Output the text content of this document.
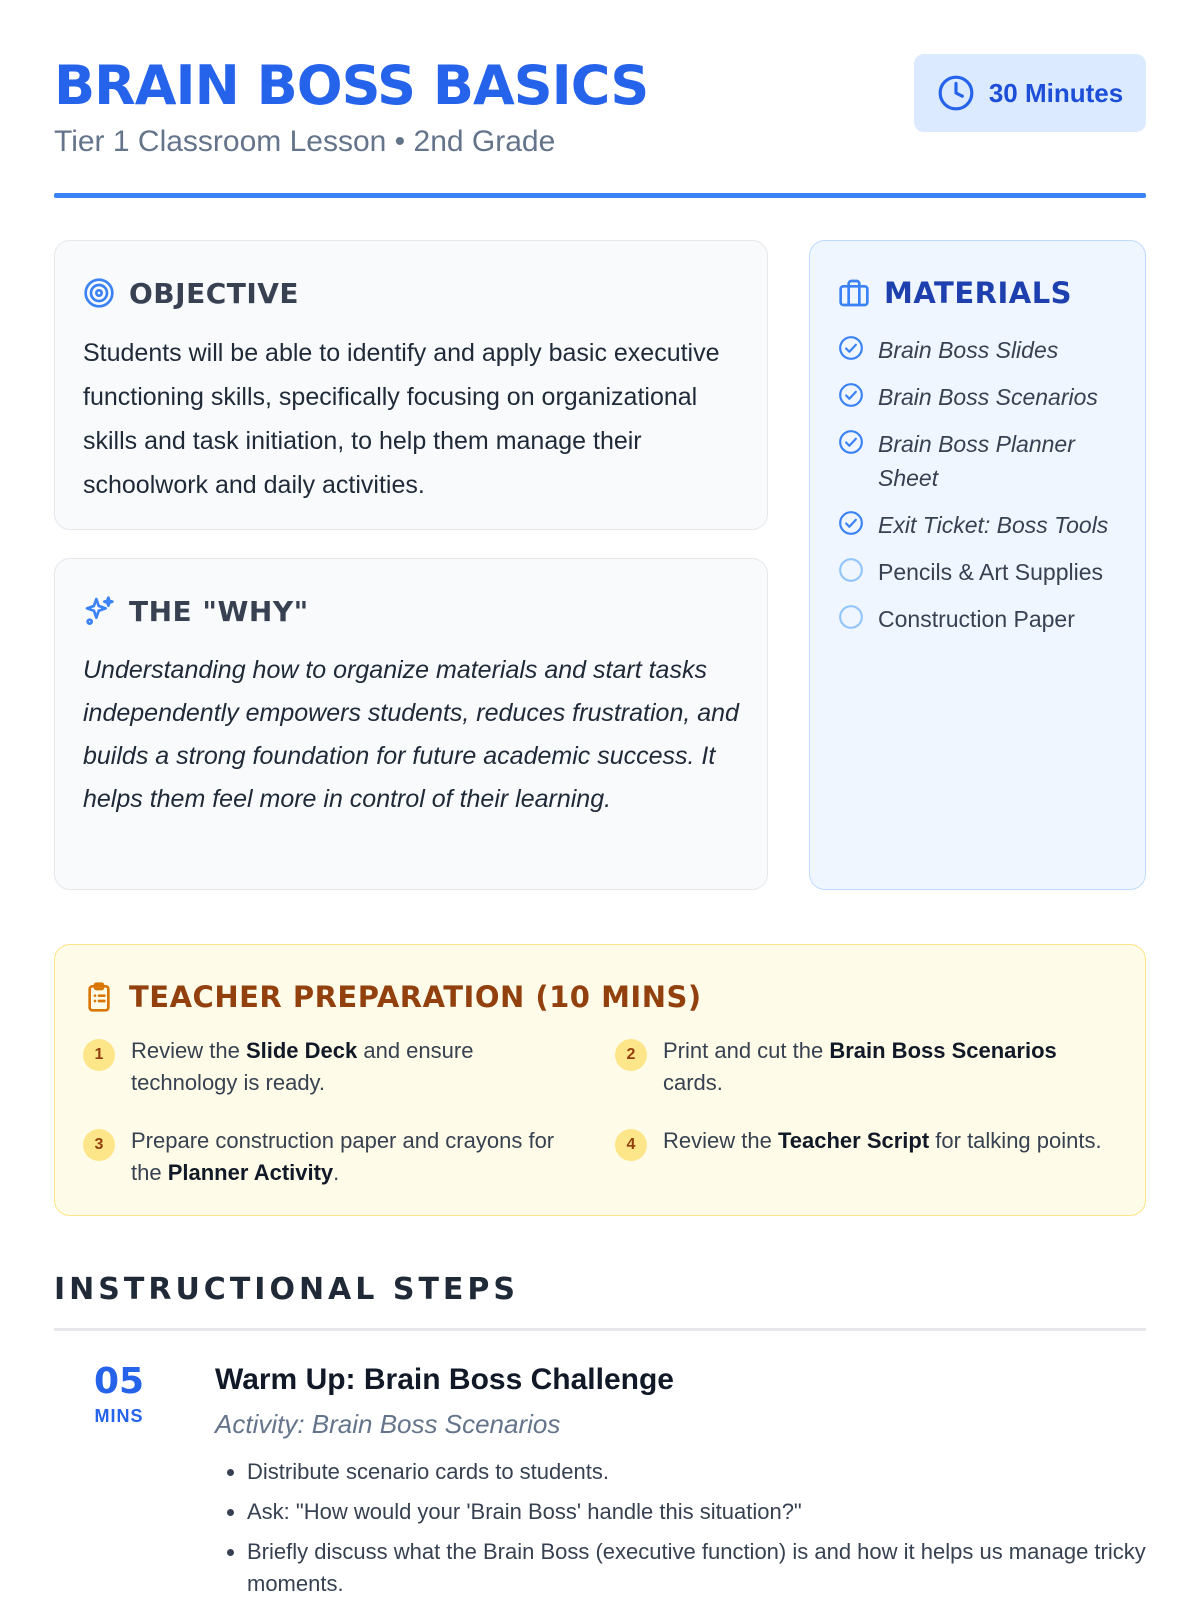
BRAIN BOSS BASICS
Tier 1 Classroom Lesson • 2nd Grade
30 Minutes
OBJECTIVE

Students will be able to identify and apply basic executive functioning skills, specifically focusing on organizational skills and task initiation, to help them manage their schoolwork and daily activities.

THE "WHY"

Understanding how to organize materials and start tasks independently empowers students, reduces frustration, and builds a strong foundation for future academic success. It helps them feel more in control of their learning.

MATERIALS
Brain Boss Slides
Brain Boss Scenarios
Brain Boss Planner Sheet
Exit Ticket: Boss Tools
Pencils & Art Supplies
Construction Paper
TEACHER PREPARATION (10 MINS)
1	Review the Slide Deck and ensure technology is ready.
2	Print and cut the Brain Boss Scenarios cards.
3	Prepare construction paper and crayons for the Planner Activity.
4	Review the Teacher Script for talking points.
INSTRUCTIONAL STEPS
05
MINS
Warm Up: Brain Boss Challenge
Activity: Brain Boss Scenarios
• Distribute scenario cards to students.
• Ask: "How would your 'Brain Boss' handle this situation?"
• Briefly discuss what the Brain Boss (executive function) is and how it helps us manage tricky moments.
